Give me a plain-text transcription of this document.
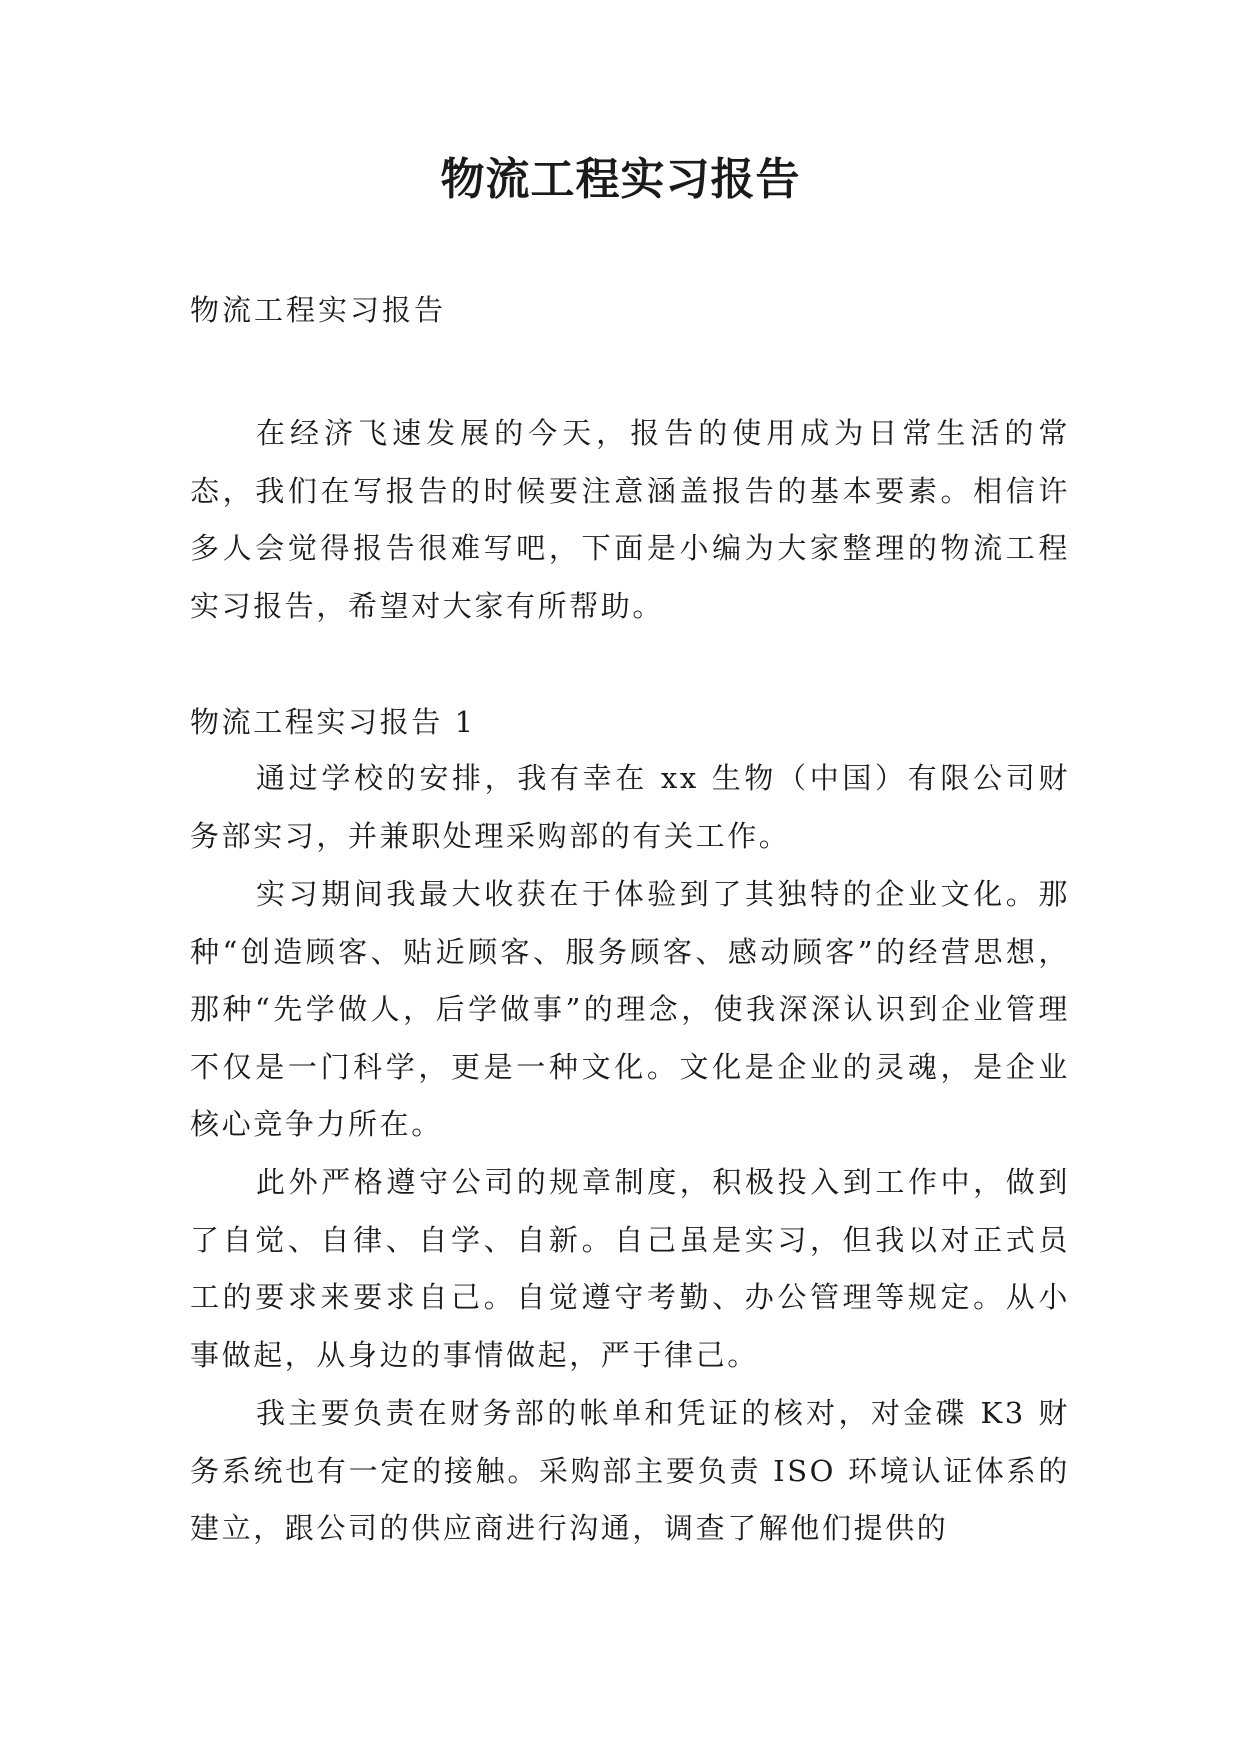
物流工程实习报告

物流工程实习报告

在经济飞速发展的今天，报告的使用成为日常生活的常态，我们在写报告的时候要注意涵盖报告的基本要素。相信许多人会觉得报告很难写吧，下面是小编为大家整理的物流工程实习报告，希望对大家有所帮助。

物流工程实习报告 1

通过学校的安排，我有幸在 xx 生物（中国）有限公司财务部实习，并兼职处理采购部的有关工作。

实习期间我最大收获在于体验到了其独特的企业文化。那种“创造顾客、贴近顾客、服务顾客、感动顾客”的经营思想，那种“先学做人，后学做事”的理念，使我深深认识到企业管理不仅是一门科学，更是一种文化。文化是企业的灵魂，是企业核心竞争力所在。

此外严格遵守公司的规章制度，积极投入到工作中，做到了自觉、自律、自学、自新。自己虽是实习，但我以对正式员工的要求来要求自己。自觉遵守考勤、办公管理等规定。从小事做起，从身边的事情做起，严于律己。

我主要负责在财务部的帐单和凭证的核对，对金碟 K3 财务系统也有一定的接触。采购部主要负责 ISO 环境认证体系的建立，跟公司的供应商进行沟通，调查了解他们提供的
